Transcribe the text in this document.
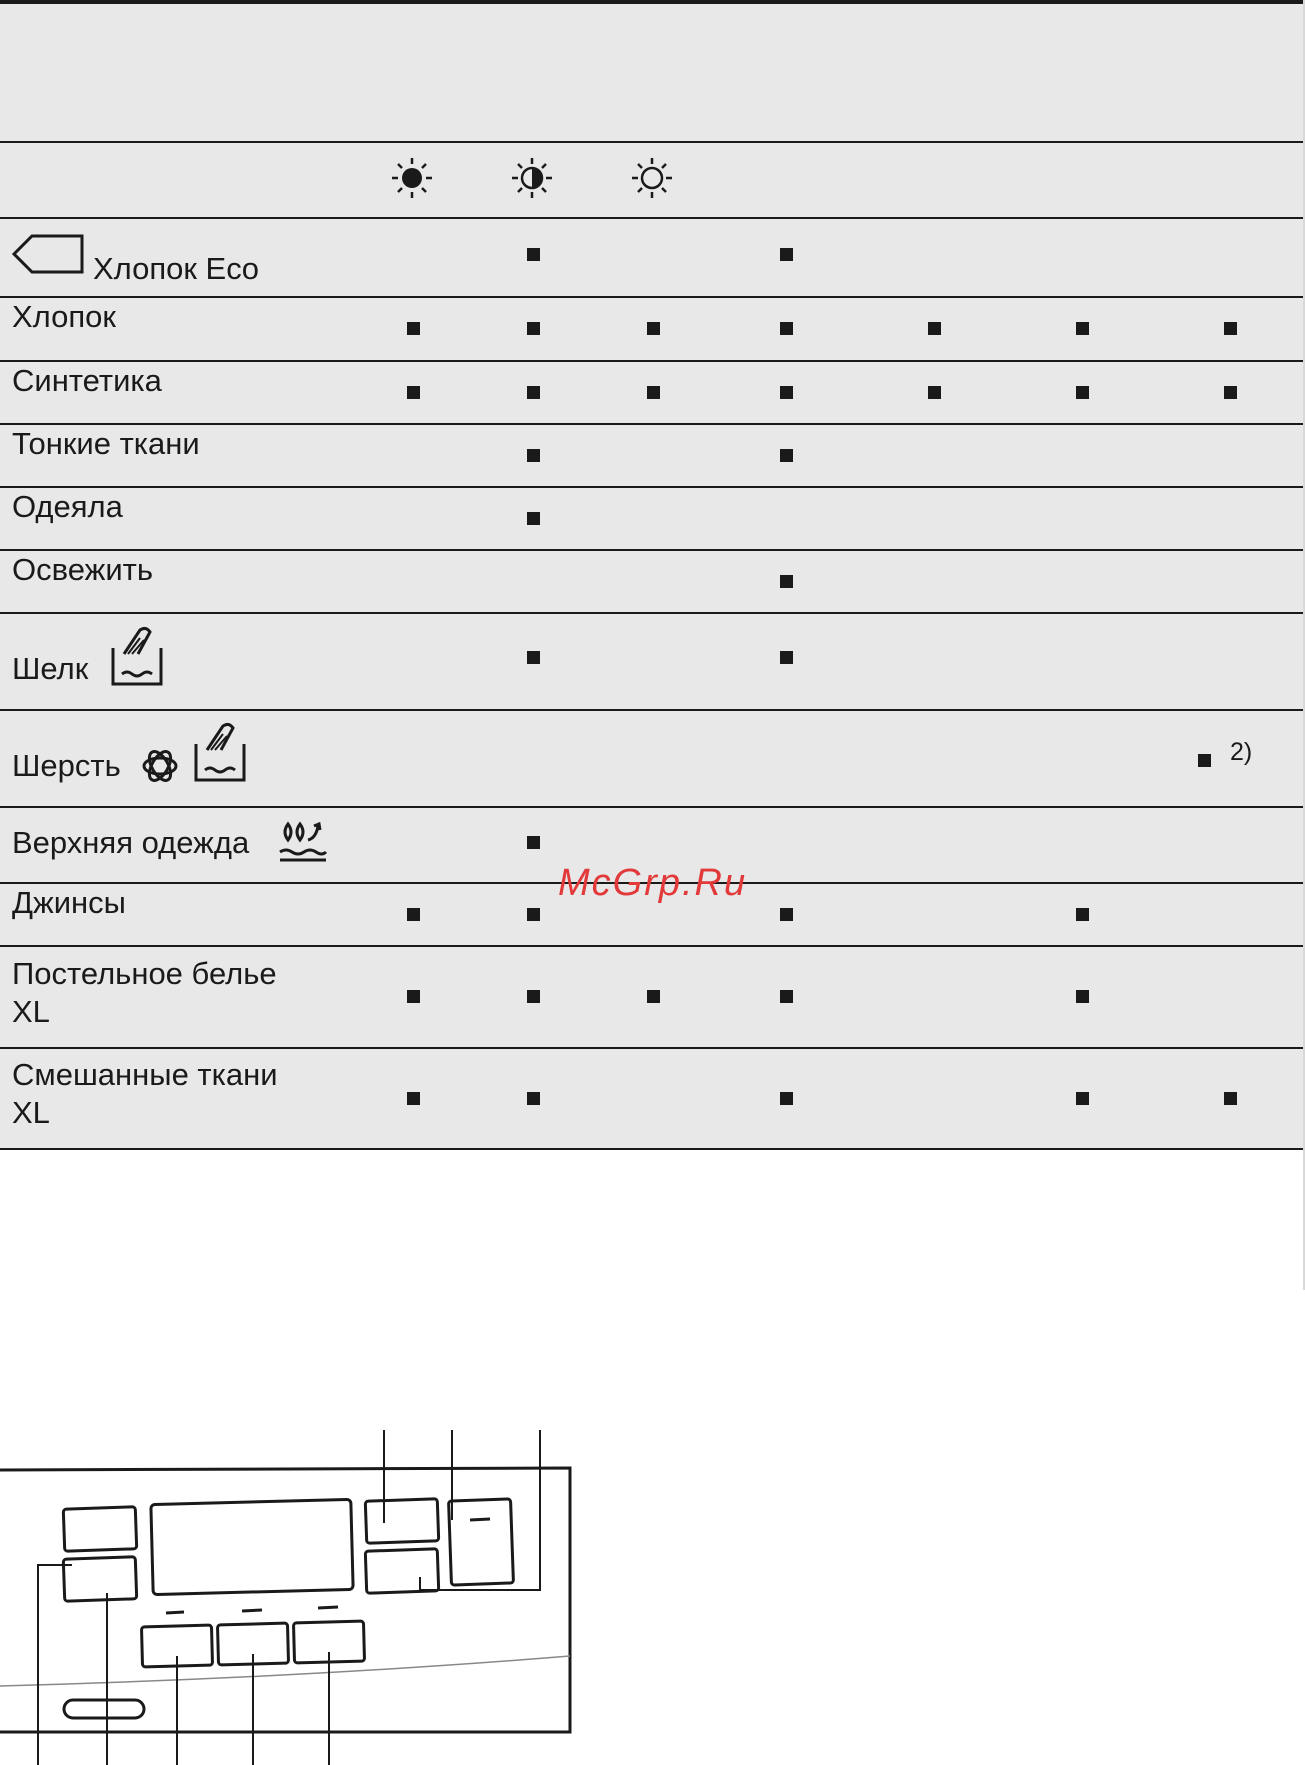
Хлопок Eco
Хлопок
Синтетика
Тонкие ткани
Одеяла
Освежить
Шелк
Шерсть
Верхняя одежда
Джинсы
Постельное белье
XL
Смешанные ткани
XL
2)
McGrp.Ru
